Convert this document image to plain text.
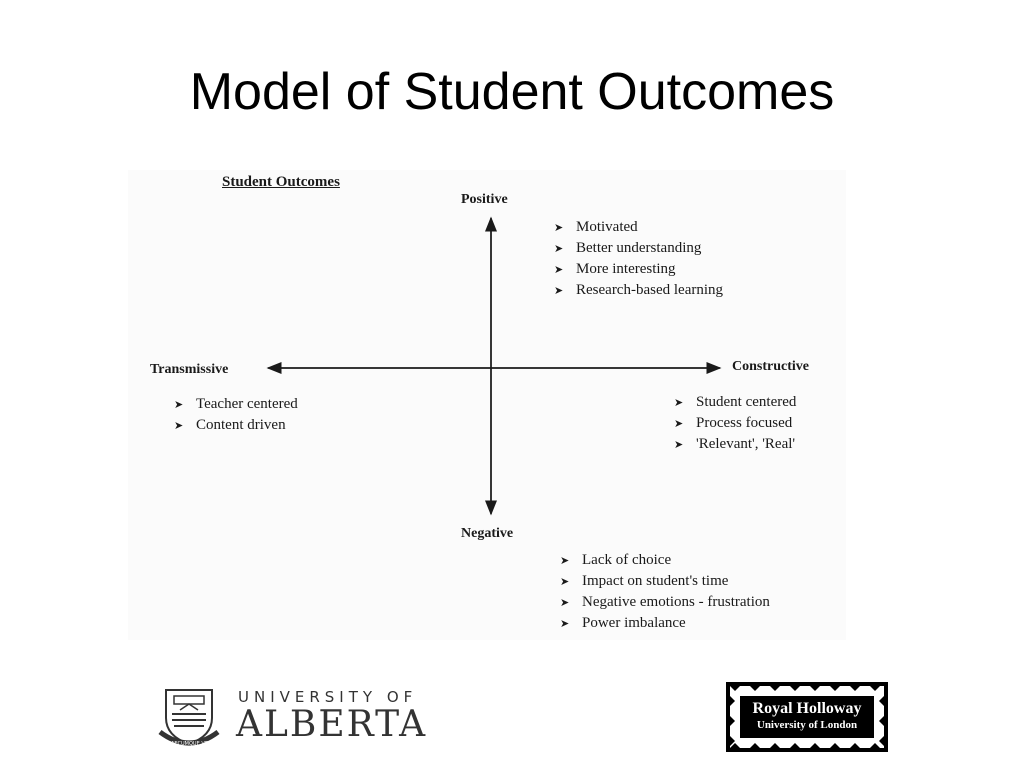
Model of Student Outcomes
Student Outcomes
Positive
Negative
Transmissive	Constructive
➤ Motivated
➤ Better understanding
➤ More interesting
➤ Research-based learning
➤ Teacher centered
➤ Content driven
➤ Student centered
➤ Process focused
➤ 'Relevant', 'Real'
➤ Lack of choice
➤ Impact on student's time
➤ Negative emotions - frustration
➤ Power imbalance
QUAECUMQUE VERA
UNIVERSITY OF
ALBERTA	Royal Holloway
University of London
